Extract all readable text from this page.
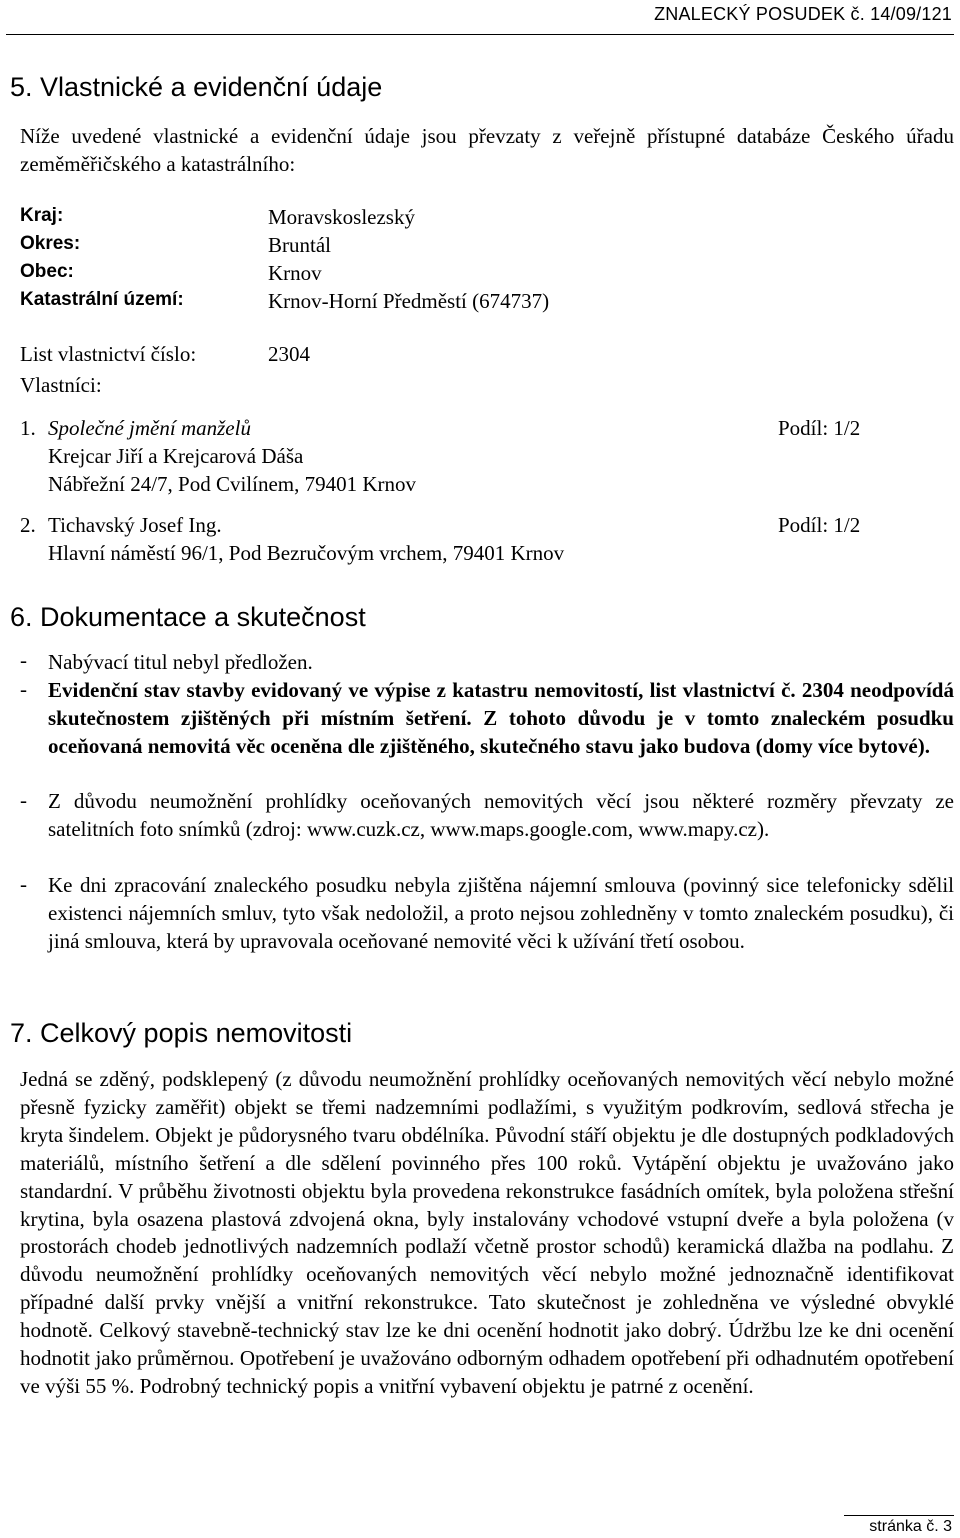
ZNALECKÝ POSUDEK č. 14/09/121
5. Vlastnické a evidenční údaje
Níže uvedené vlastnické a evidenční údaje jsou převzaty z veřejně přístupné databáze Českého úřadu zeměměřičského a katastrálního:
Kraj:	Moravskoslezský
Okres:	Bruntál
Obec:	Krnov
Katastrální území:	Krnov-Horní Předměstí (674737)
List vlastnictví číslo:	2304
Vlastníci:
1. Společné jmění manželů	Podíl: 1/2
Krejcar Jiří a Krejcarová Dáša
Nábřežní 24/7, Pod Cvilínem, 79401 Krnov
2. Tichavský Josef Ing.	Podíl: 1/2
Hlavní náměstí 96/1, Pod Bezručovým vrchem, 79401 Krnov
6. Dokumentace a skutečnost
- Nabývací titul nebyl předložen.
- Evidenční stav stavby evidovaný ve výpise z katastru nemovitostí, list vlastnictví č. 2304 neodpovídá skutečnostem zjištěných při místním šetření. Z tohoto důvodu je v tomto znaleckém posudku oceňovaná nemovitá věc oceněna dle zjištěného, skutečného stavu jako budova (domy více bytové).
- Z důvodu neumožnění prohlídky oceňovaných nemovitých věcí jsou některé rozměry převzaty ze satelitních foto snímků (zdroj: www.cuzk.cz, www.maps.google.com, www.mapy.cz).
- Ke dni zpracování znaleckého posudku nebyla zjištěna nájemní smlouva (povinný sice telefonicky sdělil existenci nájemních smluv, tyto však nedoložil, a proto nejsou zohledněny v tomto znaleckém posudku), či jiná smlouva, která by upravovala oceňované nemovité věci k užívání třetí osobou.
7. Celkový popis nemovitosti
Jedná se zděný, podsklepený (z důvodu neumožnění prohlídky oceňovaných nemovitých věcí nebylo možné přesně fyzicky zaměřit) objekt se třemi nadzemními podlažími, s využitým podkrovím, sedlová střecha je kryta šindelem. Objekt je půdorysného tvaru obdélníka. Původní stáří objektu je dle dostupných podkladových materiálů, místního šetření a dle sdělení povinného přes 100 roků. Vytápění objektu je uvažováno jako standardní. V průběhu životnosti objektu byla provedena rekonstrukce fasádních omítek, byla položena střešní krytina, byla osazena plastová zdvojená okna, byly instalovány vchodové vstupní dveře a byla položena (v prostorách chodeb jednotlivých nadzemních podlaží včetně prostor schodů) keramická dlažba na podlahu. Z důvodu neumožnění prohlídky oceňovaných nemovitých věcí nebylo možné jednoznačně identifikovat případné další prvky vnější a vnitřní rekonstrukce. Tato skutečnost je zohledněna ve výsledné obvyklé hodnotě. Celkový stavebně-technický stav lze ke dni ocenění hodnotit jako dobrý. Údržbu lze ke dni ocenění hodnotit jako průměrnou. Opotřebení je uvažováno odborným odhadem opotřebení při odhadnutém opotřebení ve výši 55 %. Podrobný technický popis a vnitřní vybavení objektu je patrné z ocenění.
stránka č. 3
